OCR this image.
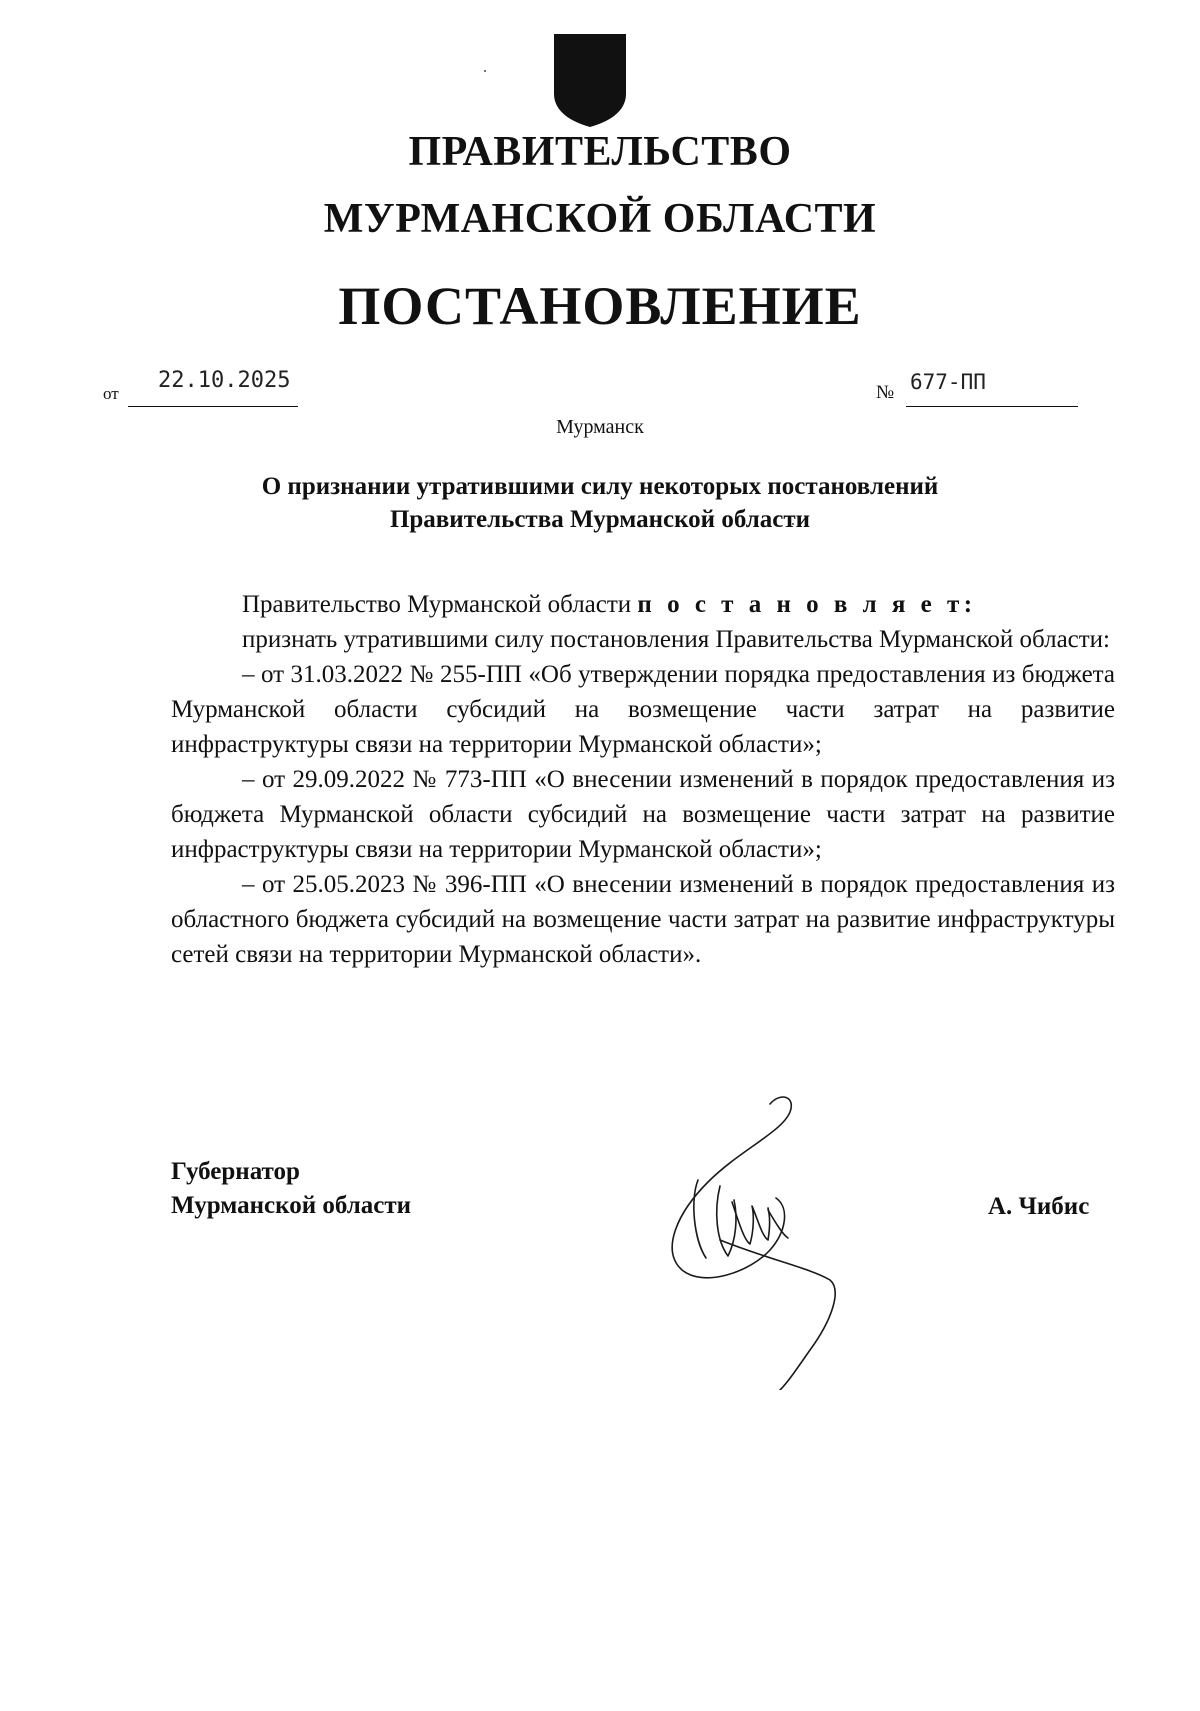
ПРАВИТЕЛЬСТВО
МУРМАНСКОЙ ОБЛАСТИ
ПОСТАНОВЛЕНИЕ
от
22.10.2025	№ 677-ПП
Мурманск
О признании утратившими силу некоторых постановлений
Правительства Мурманской области

Правительство Мурманской области п о с т а н о в л я е т:

признать утратившими силу постановления Правительства Мурманской области:

– от 31.03.2022 № 255-ПП «Об утверждении порядка предоставления из бюджета Мурманской области субсидий на возмещение части затрат на развитие инфраструктуры связи на территории Мурманской области»;

– от 29.09.2022 № 773-ПП «О внесении изменений в порядок предоставления из бюджета Мурманской области субсидий на возмещение части затрат на развитие инфраструктуры связи на территории Мурманской области»;

– от 25.05.2023 № 396-ПП «О внесении изменений в порядок предоставления из областного бюджета субсидий на возмещение части затрат на развитие инфраструктуры сетей связи на территории Мурманской области».

Губернатор
Мурманской области	А. Чибис
